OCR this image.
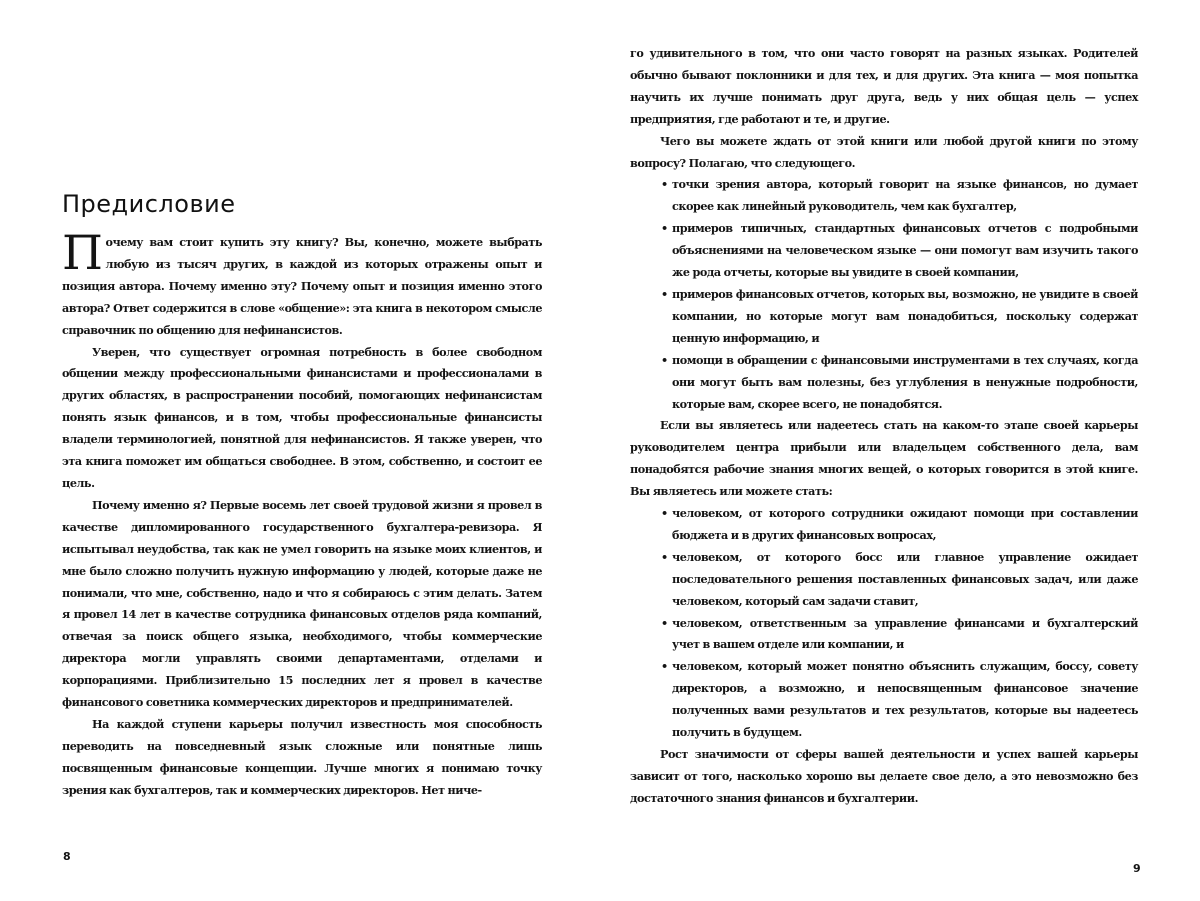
Предисловие

Почему вам стоит купить эту книгу? Вы, конечно, можете выбрать любую из тысяч других, в каждой из которых отражены опыт и позиция автора. Почему именно эту? Почему опыт и позиция именно этого автора? Ответ содержится в слове «общение»: эта книга в некотором смысле справочник по общению для нефинансистов.

Уверен, что существует огромная потребность в более свободном общении между профессиональными финансистами и профессионалами в других областях, в распространении пособий, помогающих нефинансистам понять язык финансов, и в том, чтобы профессиональные финансисты владели терминологией, понятной для нефинансистов. Я также уверен, что эта книга поможет им общаться свободнее. В этом, собственно, и состоит ее цель.

Почему именно я? Первые восемь лет своей трудовой жизни я провел в качестве дипломированного государственного бухгалтера-ревизора. Я испытывал неудобства, так как не умел говорить на языке моих клиентов, и мне было сложно получить нужную информацию у людей, которые даже не понимали, что мне, собственно, надо и что я собираюсь с этим делать. Затем я провел 14 лет в качестве сотрудника финансовых отделов ряда компаний, отвечая за поиск общего языка, необходимого, чтобы коммерческие директора могли управлять своими департаментами, отделами и корпорациями. Приблизительно 15 последних лет я провел в качестве финансового советника коммерческих директоров и предпринимателей.

На каждой ступени карьеры получил известность моя способность переводить на повседневный язык сложные или понятные лишь посвященным финансовые концепции. Лучше многих я понимаю точку зрения как бухгалтеров, так и коммерческих директоров. Нет ниче-

8

го удивительного в том, что они часто говорят на разных языках. Родителей обычно бывают поклонники и для тех, и для других. Эта книга — моя попытка научить их лучше понимать друг друга, ведь у них общая цель — успех предприятия, где работают и те, и другие.

Чего вы можете ждать от этой книги или любой другой книги по этому вопросу? Полагаю, что следующего.

• точки зрения автора, который говорит на языке финансов, но думает скорее как линейный руководитель, чем как бухгалтер,
• примеров типичных, стандартных финансовых отчетов с подробными объяснениями на человеческом языке — они помогут вам изучить такого же рода отчеты, которые вы увидите в своей компании,
• примеров финансовых отчетов, которых вы, возможно, не увидите в своей компании, но которые могут вам понадобиться, поскольку содержат ценную информацию, и
• помощи в обращении с финансовыми инструментами в тех случаях, когда они могут быть вам полезны, без углубления в ненужные подробности, которые вам, скорее всего, не понадобятся.

Если вы являетесь или надеетесь стать на каком-то этапе своей карьеры руководителем центра прибыли или владельцем собственного дела, вам понадобятся рабочие знания многих вещей, о которых говорится в этой книге. Вы являетесь или можете стать:

• человеком, от которого сотрудники ожидают помощи при составлении бюджета и в других финансовых вопросах,
• человеком, от которого босс или главное управление ожидает последовательного решения поставленных финансовых задач, или даже человеком, который сам задачи ставит,
• человеком, ответственным за управление финансами и бухгалтерский учет в вашем отделе или компании, и
• человеком, который может понятно объяснить служащим, боссу, совету директоров, а возможно, и непосвященным финансовое значение полученных вами результатов и тех результатов, которые вы надеетесь получить в будущем.

Рост значимости от сферы вашей деятельности и успех вашей карьеры зависит от того, насколько хорошо вы делаете свое дело, а это невозможно без достаточного знания финансов и бухгалтерии.

9
